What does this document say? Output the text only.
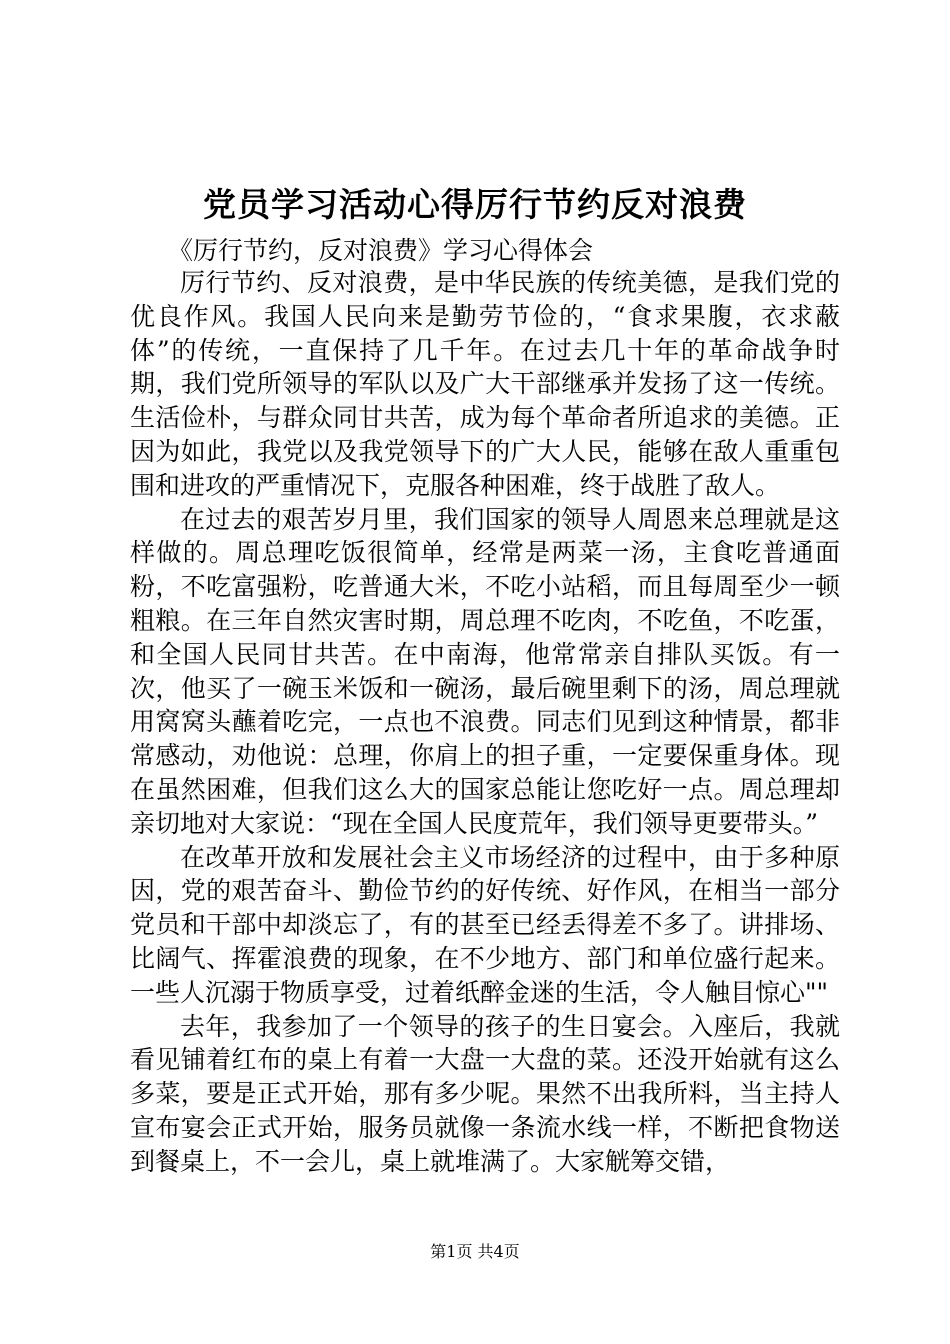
党员学习活动心得厉行节约反对浪费

《厉行节约，反对浪费》学习心得体会

厉行节约、反对浪费，是中华民族的传统美德，是我们党的优良作风。我国人民向来是勤劳节俭的，“食求果腹，衣求蔽体”的传统，一直保持了几千年。在过去几十年的革命战争时期，我们党所领导的军队以及广大干部继承并发扬了这一传统。生活俭朴，与群众同甘共苦，成为每个革命者所追求的美德。正因为如此，我党以及我党领导下的广大人民，能够在敌人重重包围和进攻的严重情况下，克服各种困难，终于战胜了敌人。

在过去的艰苦岁月里，我们国家的领导人周恩来总理就是这样做的。周总理吃饭很简单，经常是两菜一汤，主食吃普通面粉，不吃富强粉，吃普通大米，不吃小站稻，而且每周至少一顿粗粮。在三年自然灾害时期，周总理不吃肉，不吃鱼，不吃蛋，和全国人民同甘共苦。在中南海，他常常亲自排队买饭。有一次，他买了一碗玉米饭和一碗汤，最后碗里剩下的汤，周总理就用窝窝头蘸着吃完，一点也不浪费。同志们见到这种情景，都非常感动，劝他说：总理，你肩上的担子重，一定要保重身体。现在虽然困难，但我们这么大的国家总能让您吃好一点。周总理却亲切地对大家说：“现在全国人民度荒年，我们领导更要带头。”

在改革开放和发展社会主义市场经济的过程中，由于多种原因，党的艰苦奋斗、勤俭节约的好传统、好作风，在相当一部分党员和干部中却淡忘了，有的甚至已经丢得差不多了。讲排场、比阔气、挥霍浪费的现象，在不少地方、部门和单位盛行起来。一些人沉溺于物质享受，过着纸醉金迷的生活，令人触目惊心""

去年，我参加了一个领导的孩子的生日宴会。入座后，我就看见铺着红布的桌上有着一大盘一大盘的菜。还没开始就有这么多菜，要是正式开始，那有多少呢。果然不出我所料，当主持人宣布宴会正式开始，服务员就像一条流水线一样，不断把食物送到餐桌上，不一会儿，桌上就堆满了。大家觥筹交错，

第1页 共4页
